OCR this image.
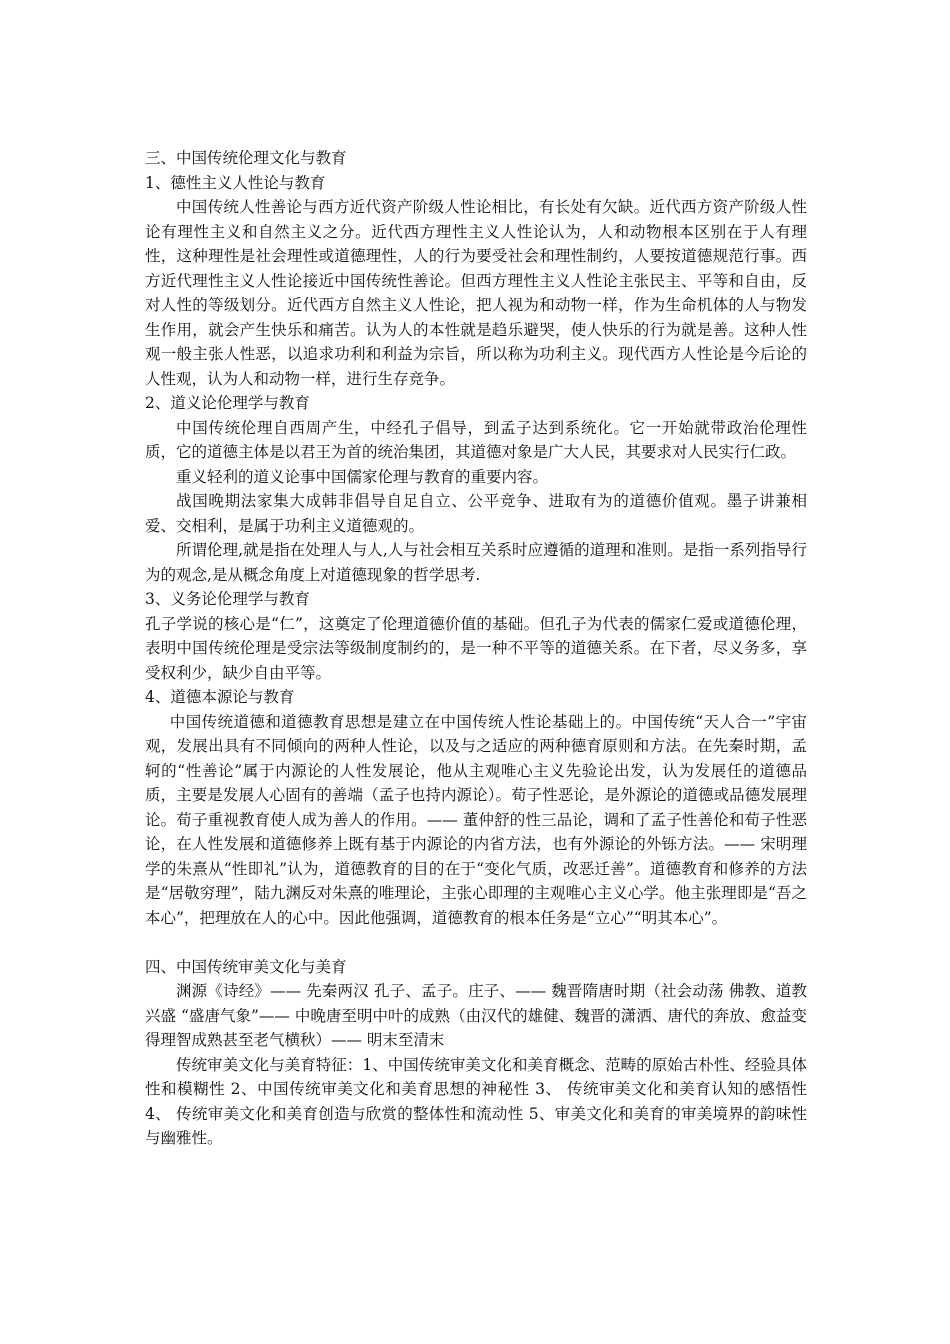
三、中国传统伦理文化与教育

1、德性主义人性论与教育

中国传统人性善论与西方近代资产阶级人性论相比，有长处有欠缺。近代西方资产阶级人性论有理性主义和自然主义之分。近代西方理性主义人性论认为，人和动物根本区别在于人有理性，这种理性是社会理性或道德理性，人的行为要受社会和理性制约，人要按道德规范行事。西方近代理性主义人性论接近中国传统性善论。但西方理性主义人性论主张民主、平等和自由，反对人性的等级划分。近代西方自然主义人性论，把人视为和动物一样，作为生命机体的人与物发生作用，就会产生快乐和痛苦。认为人的本性就是趋乐避哭，使人快乐的行为就是善。这种人性观一般主张人性恶，以追求功利和利益为宗旨，所以称为功利主义。现代西方人性论是今后论的人性观，认为人和动物一样，进行生存竞争。

2、道义论伦理学与教育

中国传统伦理自西周产生，中经孔子倡导，到孟子达到系统化。它一开始就带政治伦理性质，它的道德主体是以君王为首的统治集团，其道德对象是广大人民，其要求对人民实行仁政。

重义轻利的道义论事中国儒家伦理与教育的重要内容。

战国晚期法家集大成韩非倡导自足自立、公平竞争、进取有为的道德价值观。墨子讲兼相爱、交相利，是属于功利主义道德观的。

所谓伦理,就是指在处理人与人,人与社会相互关系时应遵循的道理和准则。是指一系列指导行为的观念,是从概念角度上对道德现象的哲学思考.

3、义务论伦理学与教育

孔子学说的核心是“仁”，这奠定了伦理道德价值的基础。但孔子为代表的儒家仁爱或道德伦理，表明中国传统伦理是受宗法等级制度制约的，是一种不平等的道德关系。在下者，尽义务多，享受权利少，缺少自由平等。

4、道德本源论与教育

中国传统道德和道德教育思想是建立在中国传统人性论基础上的。中国传统“天人合一”宇宙观，发展出具有不同倾向的两种人性论，以及与之适应的两种德育原则和方法。在先秦时期，孟轲的“性善论”属于内源论的人性发展论，他从主观唯心主义先验论出发，认为发展任的道德品质，主要是发展人心固有的善端（孟子也持内源论）。荀子性恶论，是外源论的道德或品德发展理论。荀子重视教育使人成为善人的作用。—— 董仲舒的性三品论，调和了孟子性善伦和荀子性恶论，在人性发展和道德修养上既有基于内源论的内省方法，也有外源论的外铄方法。—— 宋明理学的朱熹从“性即礼”认为，道德教育的目的在于“变化气质，改恶迁善”。道德教育和修养的方法是“居敬穷理”，陆九渊反对朱熹的唯理论，主张心即理的主观唯心主义心学。他主张理即是“吾之本心”，把理放在人的心中。因此他强调，道德教育的根本任务是“立心”“明其本心”。

四、中国传统审美文化与美育

渊源《诗经》—— 先秦两汉 孔子、孟子。庄子、—— 魏晋隋唐时期（社会动荡 佛教、道教兴盛 “盛唐气象”—— 中晚唐至明中叶的成熟（由汉代的雄健、魏晋的潇洒、唐代的奔放、愈益变得理智成熟甚至老气横秋）—— 明末至清末

传统审美文化与美育特征：1、中国传统审美文化和美育概念、范畴的原始古朴性、经验具体性和模糊性 2、中国传统审美文化和美育思想的神秘性 3、 传统审美文化和美育认知的感悟性 4、 传统审美文化和美育创造与欣赏的整体性和流动性 5、审美文化和美育的审美境界的韵味性与幽雅性。
